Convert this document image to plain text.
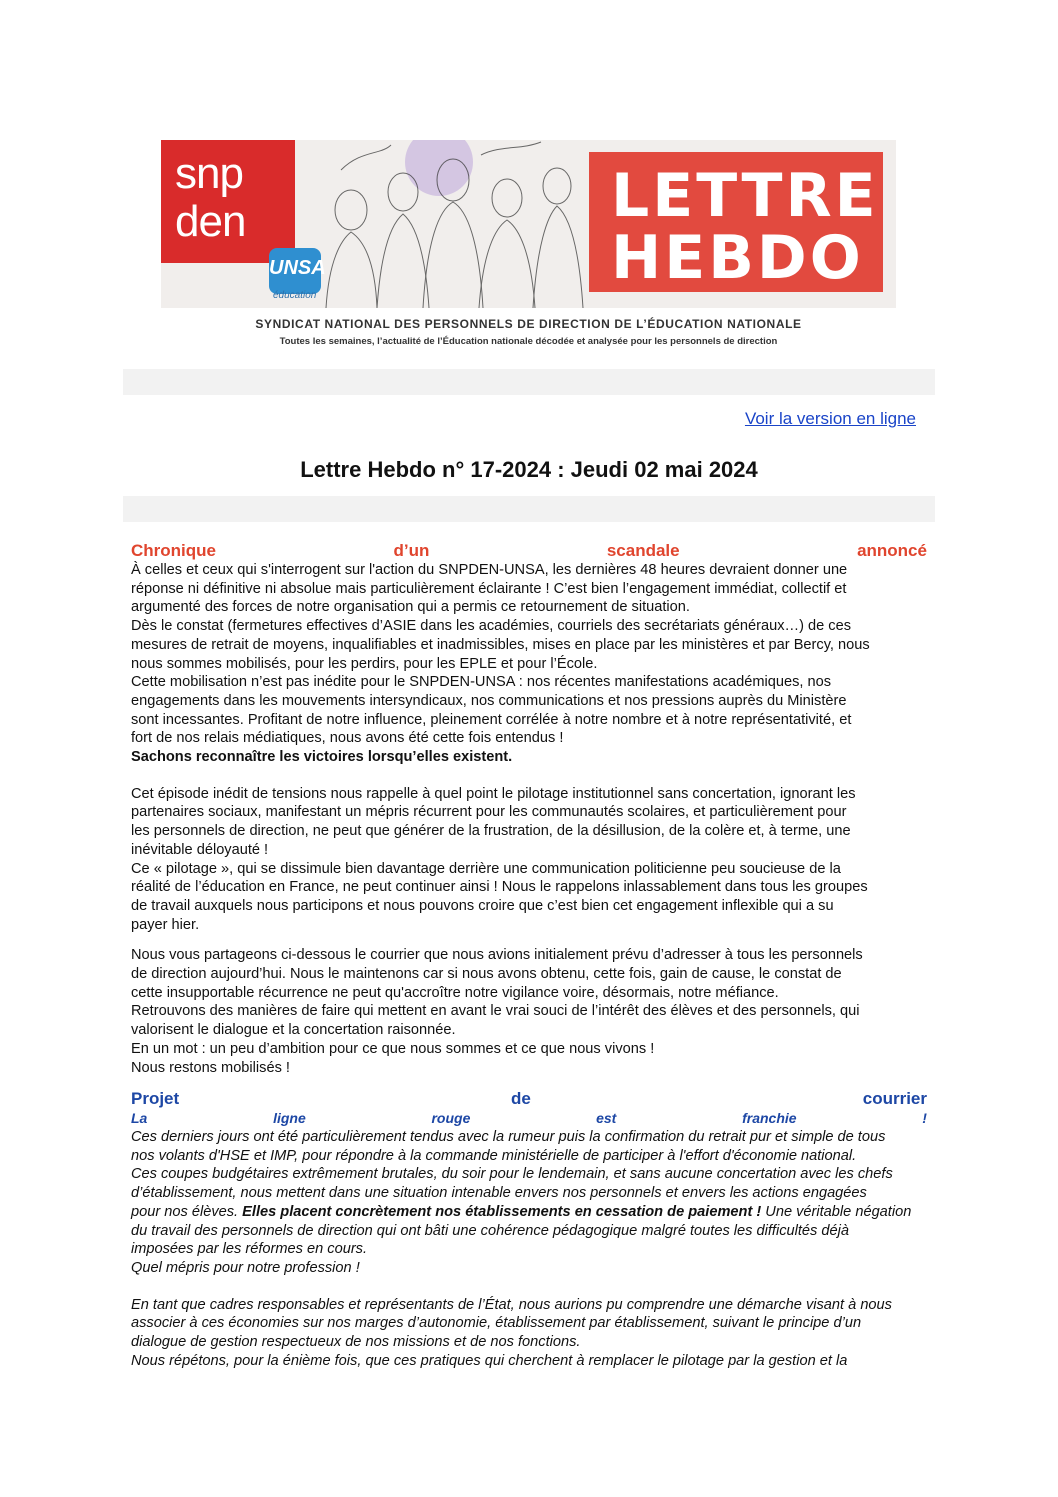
snp
den
UNSA
éducation
LETTRE
HEBDO
SYNDICAT NATIONAL DES PERSONNELS DE DIRECTION DE L’ÉDUCATION NATIONALE
Toutes les semaines, l’actualité de l’Éducation nationale décodée et analysée pour les personnels de direction
Voir la version en ligne
Lettre Hebdo n° 17-2024 : Jeudi 02 mai 2024
Chronique	d’un	scandale	annoncé
À celles et ceux qui s'interrogent sur l'action du SNPDEN-UNSA, les dernières 48 heures devraient donner une
réponse ni définitive ni absolue mais particulièrement éclairante ! C’est bien l’engagement immédiat, collectif et
argumenté des forces de notre organisation qui a permis ce retournement de situation.
Dès le constat (fermetures effectives d’ASIE dans les académies, courriels des secrétariats généraux…) de ces
mesures de retrait de moyens, inqualifiables et inadmissibles, mises en place par les ministères et par Bercy, nous
nous sommes mobilisés, pour les perdirs, pour les EPLE et pour l’École.
Cette mobilisation n’est pas inédite pour le SNPDEN-UNSA : nos récentes manifestations académiques, nos
engagements dans les mouvements intersyndicaux, nos communications et nos pressions auprès du Ministère
sont incessantes. Profitant de notre influence, pleinement corrélée à notre nombre et à notre représentativité, et
fort de nos relais médiatiques, nous avons été cette fois entendus !
Sachons reconnaître les victoires lorsqu’elles existent.
Cet épisode inédit de tensions nous rappelle à quel point le pilotage institutionnel sans concertation, ignorant les
partenaires sociaux, manifestant un mépris récurrent pour les communautés scolaires, et particulièrement pour
les personnels de direction, ne peut que générer de la frustration, de la désillusion, de la colère et, à terme, une
inévitable déloyauté !
Ce « pilotage », qui se dissimule bien davantage derrière une communication politicienne peu soucieuse de la
réalité de l’éducation en France, ne peut continuer ainsi ! Nous le rappelons inlassablement dans tous les groupes
de travail auxquels nous participons et nous pouvons croire que c’est bien cet engagement inflexible qui a su
payer hier.
Nous vous partageons ci-dessous le courrier que nous avions initialement prévu d’adresser à tous les personnels
de direction aujourd’hui. Nous le maintenons car si nous avons obtenu, cette fois, gain de cause, le constat de
cette insupportable récurrence ne peut qu'accroître notre vigilance voire, désormais, notre méfiance.
Retrouvons des manières de faire qui mettent en avant le vrai souci de l’intérêt des élèves et des personnels, qui
valorisent le dialogue et la concertation raisonnée.
En un mot : un peu d’ambition pour ce que nous sommes et ce que nous vivons !
Nous restons mobilisés !
Projet	de	courrier
La	ligne	rouge	est	franchie	!
Ces derniers jours ont été particulièrement tendus avec la rumeur puis la confirmation du retrait pur et simple de tous
nos volants d'HSE et IMP, pour répondre à la commande ministérielle de participer à l'effort d'économie national.
Ces coupes budgétaires extrêmement brutales, du soir pour le lendemain, et sans aucune concertation avec les chefs
d’établissement, nous mettent dans une situation intenable envers nos personnels et envers les actions engagées
pour nos élèves. Elles placent concrètement nos établissements en cessation de paiement ! Une véritable négation
du travail des personnels de direction qui ont bâti une cohérence pédagogique malgré toutes les difficultés déjà
imposées par les réformes en cours.
Quel mépris pour notre profession !
En tant que cadres responsables et représentants de l’État, nous aurions pu comprendre une démarche visant à nous
associer à ces économies sur nos marges d’autonomie, établissement par établissement, suivant le principe d’un
dialogue de gestion respectueux de nos missions et de nos fonctions.
Nous répétons, pour la énième fois, que ces pratiques qui cherchent à remplacer le pilotage par la gestion et la
